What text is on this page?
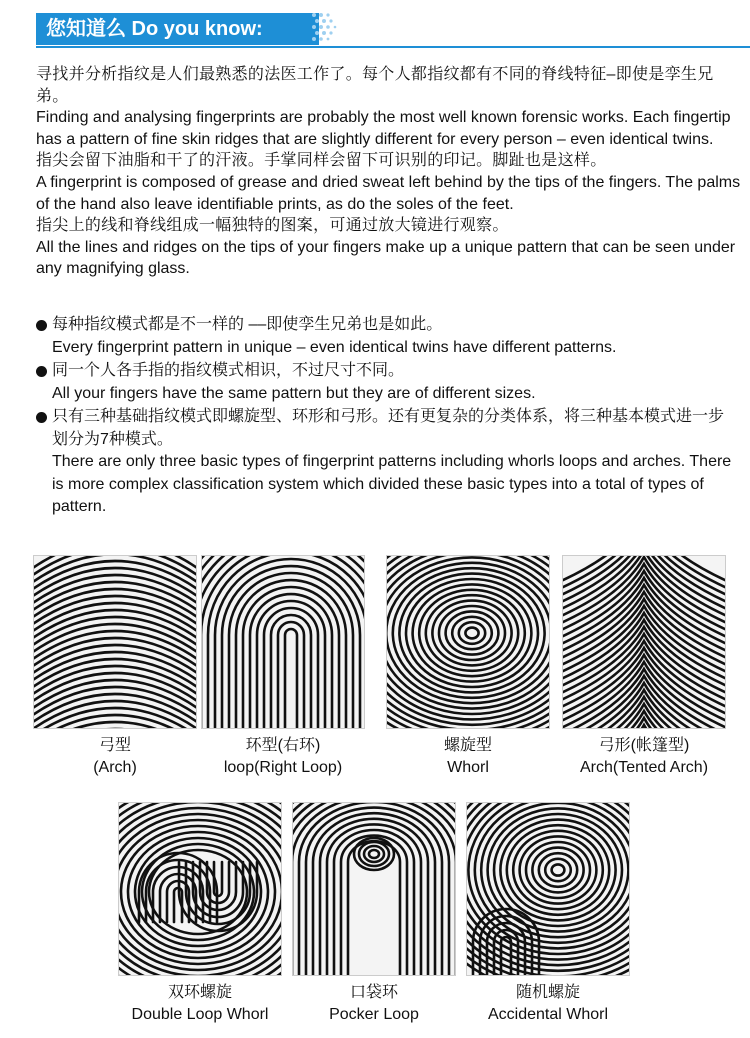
您知道么 Do you know:

寻找并分析指纹是人们最熟悉的法医工作了。每个人都指纹都有不同的脊线特征–即使是孪生兄弟。

Finding and analysing fingerprints are probably the most well known forensic works. Each fingertip has a pattern of fine skin ridges that are slightly different for every person – even identical twins.

指尖会留下油脂和干了的汗液。手掌同样会留下可识别的印记。脚趾也是这样。

A fingerprint is composed of grease and dried sweat left behind by the tips of the fingers. The palms of the hand also leave identifiable prints, as do the soles of the feet.

指尖上的线和脊线组成一幅独特的图案，可通过放大镜进行观察。

All the lines and ridges on the tips of your fingers make up a unique pattern that can be seen under any magnifying glass.

每种指纹模式都是不一样的 ––即使孪生兄弟也是如此。

Every fingerprint pattern in unique – even identical twins have different patterns.

同一个人各手指的指纹模式相识，不过尺寸不同。

All your fingers have the same pattern but they are of different sizes.

只有三种基础指纹模式即螺旋型、环形和弓形。还有更复杂的分类体系，将三种基本模式进一步划分为7种模式。

There are only three basic types of fingerprint patterns including whorls loops and arches. There is more complex classification system which divided these basic types into a total of types of pattern.

弓型
(Arch)
环型(右环)
loop(Right Loop)
螺旋型
Whorl
弓形(帐篷型)
Arch(Tented Arch)
双环螺旋
Double Loop Whorl
口袋环
Pocker Loop
随机螺旋
Accidental Whorl
